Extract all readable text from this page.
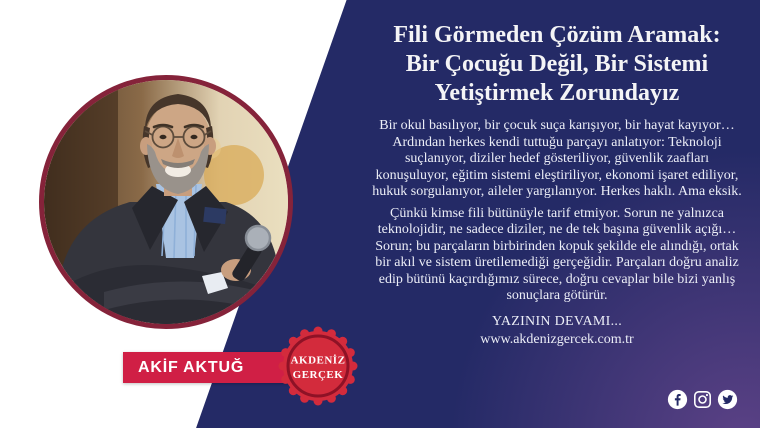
AKİF AKTUĞ	AKDENİZ
GERÇEK
Fili Görmeden Çözüm Aramak:
Bir Çocuğu Değil, Bir Sistemi
Yetiştirmek Zorundayız

Bir okul basılıyor, bir çocuk suça karışıyor, bir hayat kayıyor… Ardından herkes kendi tuttuğu parçayı anlatıyor: Teknoloji suçlanıyor, diziler hedef gösteriliyor, güvenlik zaafları konuşuluyor, eğitim sistemi eleştiriliyor, ekonomi işaret ediliyor, hukuk sorgulanıyor, aileler yargılanıyor. Herkes haklı. Ama eksik.

Çünkü kimse fili bütünüyle tarif etmiyor. Sorun ne yalnızca teknolojidir, ne sadece diziler, ne de tek başına güvenlik açığı… Sorun; bu parçaların birbirinden kopuk şekilde ele alındığı, ortak bir akıl ve sistem üretilemediği gerçeğidir. Parçaları doğru analiz edip bütünü kaçırdığımız sürece, doğru cevaplar bile bizi yanlış sonuçlara götürür.

YAZININ DEVAMI...
www.akdenizgercek.com.tr
